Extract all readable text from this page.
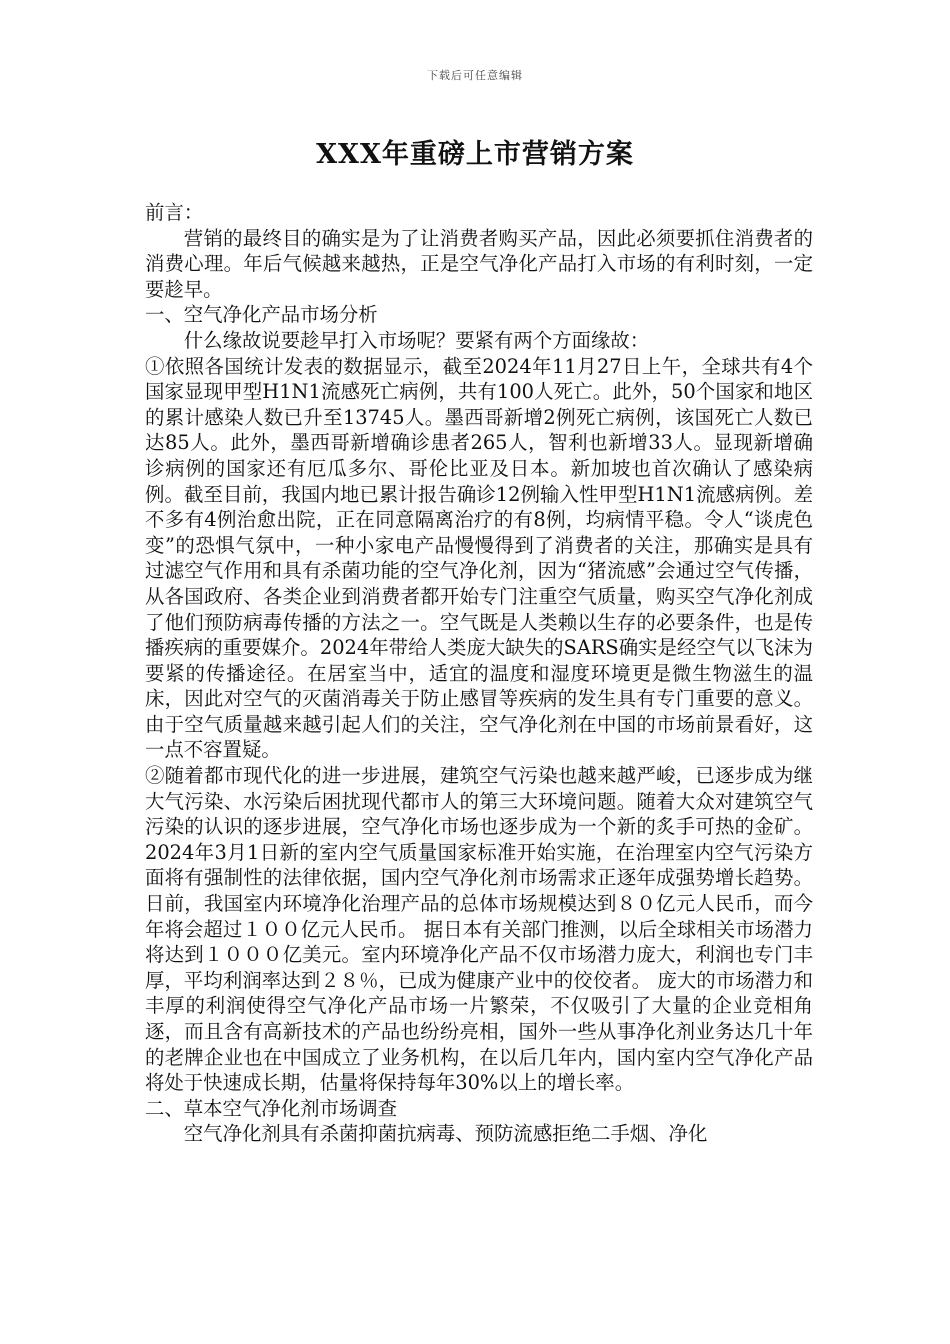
下载后可任意编辑
XXX年重磅上市营销方案

前言：

营销的最终目的确实是为了让消费者购买产品，因此必须要抓住消费者的消费心理。年后气候越来越热，正是空气净化产品打入市场的有利时刻，一定要趁早。

一、空气净化产品市场分析

什么缘故说要趁早打入市场呢？要紧有两个方面缘故：

①依照各国统计发表的数据显示，截至2024年11月27日上午，全球共有4个国家显现甲型H1N1流感死亡病例，共有100人死亡。此外，50个国家和地区的累计感染人数已升至13745人。墨西哥新增2例死亡病例，该国死亡人数已达85人。此外，墨西哥新增确诊患者265人，智利也新增33人。显现新增确诊病例的国家还有厄瓜多尔、哥伦比亚及日本。新加坡也首次确认了感染病例。截至目前，我国内地已累计报告确诊12例输入性甲型H1N1流感病例。差不多有4例治愈出院，正在同意隔离治疗的有8例，均病情平稳。令人“谈虎色变”的恐惧气氛中，一种小家电产品慢慢得到了消费者的关注，那确实是具有过滤空气作用和具有杀菌功能的空气净化剂，因为“猪流感”会通过空气传播，从各国政府、各类企业到消费者都开始专门注重空气质量，购买空气净化剂成了他们预防病毒传播的方法之一。空气既是人类赖以生存的必要条件，也是传播疾病的重要媒介。2024年带给人类庞大缺失的SARS确实是经空气以飞沫为要紧的传播途径。在居室当中，适宜的温度和湿度环境更是微生物滋生的温床，因此对空气的灭菌消毒关于防止感冒等疾病的发生具有专门重要的意义。由于空气质量越来越引起人们的关注，空气净化剂在中国的市场前景看好，这一点不容置疑。

②随着都市现代化的进一步进展，建筑空气污染也越来越严峻，已逐步成为继大气污染、水污染后困扰现代都市人的第三大环境问题。随着大众对建筑空气污染的认识的逐步进展，空气净化市场也逐步成为一个新的炙手可热的金矿。2024年3月1日新的室内空气质量国家标准开始实施，在治理室内空气污染方面将有强制性的法律依据，国内空气净化剂市场需求正逐年成强势增长趋势。日前，我国室内环境净化治理产品的总体市场规模达到８０亿元人民币，而今年将会超过１００亿元人民币。 据日本有关部门推测，以后全球相关市场潜力将达到１０００亿美元。室内环境净化产品不仅市场潜力庞大，利润也专门丰厚，平均利润率达到２８％，已成为健康产业中的佼佼者。 庞大的市场潜力和丰厚的利润使得空气净化产品市场一片繁荣，不仅吸引了大量的企业竞相角逐，而且含有高新技术的产品也纷纷亮相，国外一些从事净化剂业务达几十年的老牌企业也在中国成立了业务机构，在以后几年内，国内室内空气净化产品将处于快速成长期，估量将保持每年30%以上的增长率。

二、草本空气净化剂市场调查

空气净化剂具有杀菌抑菌抗病毒、预防流感拒绝二手烟、净化
